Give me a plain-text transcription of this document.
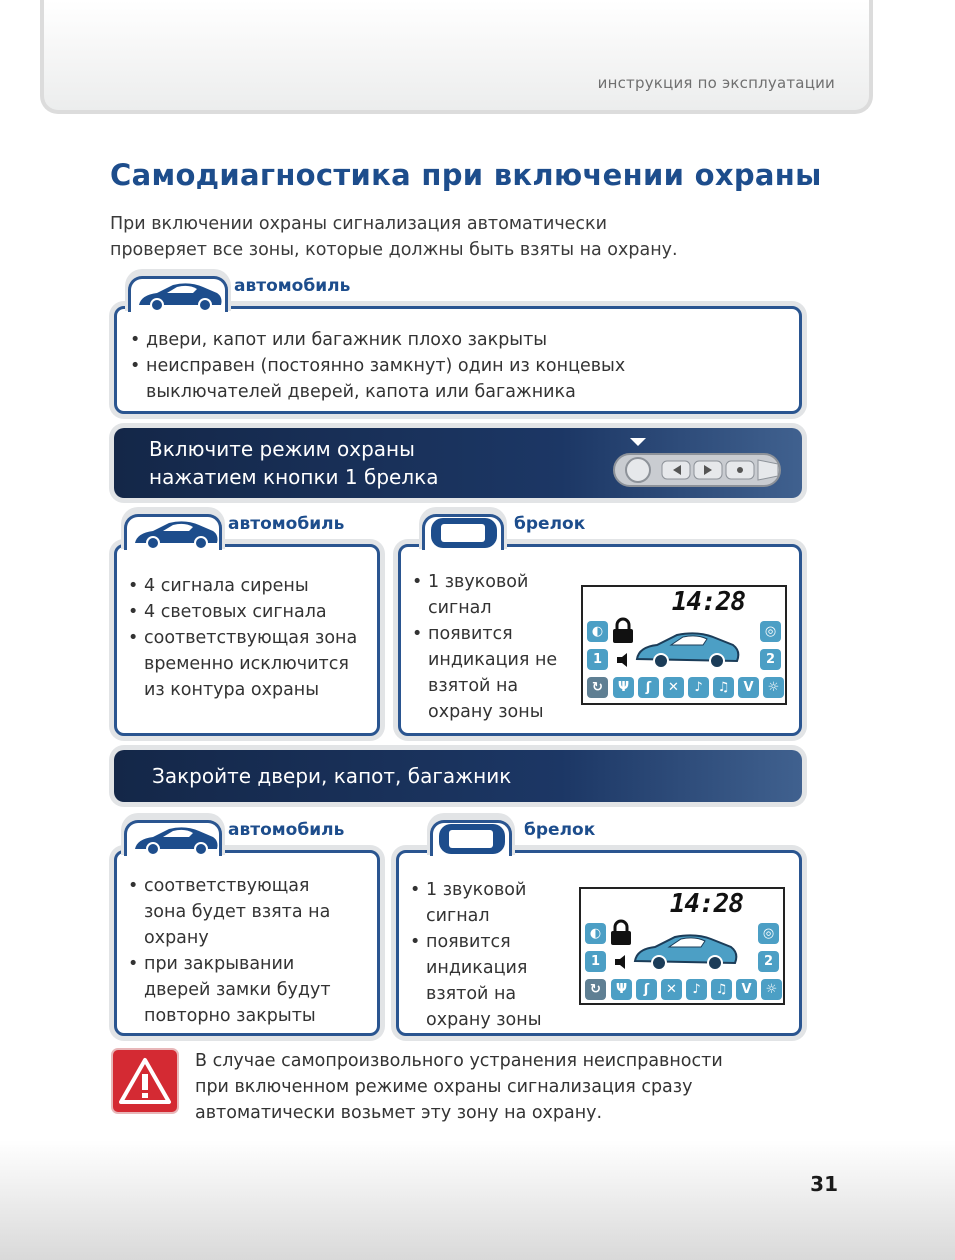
инструкция по эксплуатации
Самодиагностика при включении охраны
При включении охраны сигнализация автоматически
проверяет все зоны, которые должны быть взяты на охрану.
• двери, капот или багажник плохо закрыты
• неисправен (постоянно замкнут) один из концевых выключателей дверей, капота или багажника
автомобиль
Включите режим охраны
нажатием кнопки 1 брелка
• 4 сигнала сирены
• 4 световых сигнала
• соответствующая зона временно исключится из контура охраны
автомобиль
• 1 звуковой сигнал
• появится индикация не взятой на охрану зоны
14:28
◐
1
◎
2
↻	Ψ	ʃ	✕	♪	♫	ᐯ	☼
брелок
Закройте двери, капот, багажник
• соответствующая зона будет взята на охрану
• при закрывании дверей замки будут повторно закрыты
автомобиль
• 1 звуковой сигнал
• появится индикация взятой на охрану зоны
14:28
◐
1
◎
2
↻	Ψ	ʃ	✕	♪	♫	ᐯ	☼
брелок
В случае самопроизвольного устранения неисправности
при включенном режиме охраны сигнализация сразу
автоматически возьмет эту зону на охрану.
31
